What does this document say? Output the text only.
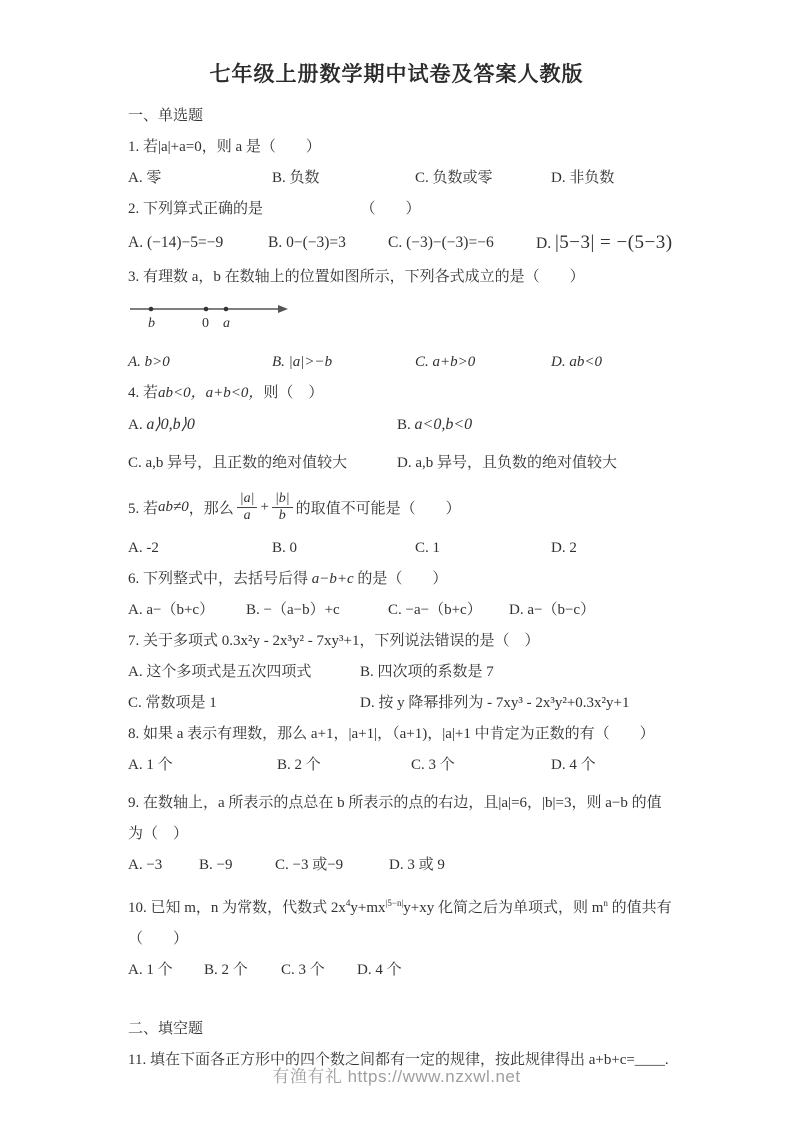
七年级上册数学期中试卷及答案人教版

一、单选题

1. 若|a|+a=0，则 a 是（　　）

A. 零	B. 负数	C. 负数或零	D. 非负数

2. 下列算式正确的是　　　　　　　（　　）

A. (−14)−5=−9	B. 0−(−3)=3	C. (−3)−(−3)=−6	D. |5−3| = −(5−3)

3. 有理数 a，b 在数轴上的位置如图所示，下列各式成立的是（　　）

b	0 a
A. b>0	B. |a|>−b	C. a+b>0	D. ab<0

4. 若ab<0，a+b<0，则（　）

A. a⟩0,b⟩0	B. a<0,b<0
C. a,b 异号，且正数的绝对值较大	D. a,b 异号，且负数的绝对值较大
5. 若 ab≠0 ，那么 $\frac{|a|}{a} + \frac{|b|}{b}$ 的取值不可能是（　　）
A. -2	B. 0	C. 1	D. 2

6. 下列整式中，去括号后得 a−b+c 的是（　　）

A. a−（b+c）	B. −（a−b）+c	C. −a−（b+c）	D. a−（b−c）

7. 关于多项式 0.3x²y - 2x³y² - 7xy³+1，下列说法错误的是（　）

A. 这个多项式是五次四项式	B. 四次项的系数是 7
C. 常数项是 1	D. 按 y 降幂排列为 - 7xy³ - 2x³y²+0.3x²y+1

8. 如果 a 表示有理数，那么 a+1，|a+1|，（a+1)，|a|+1 中肯定为正数的有（　　）

A. 1 个	B. 2 个	C. 3 个	D. 4 个

9. 在数轴上，a 所表示的点总在 b 所表示的点的右边，且|a|=6，|b|=3，则 a−b 的值

为（　）

A. −3	B. −9	C. −3 或−9	D. 3 或 9

10. 已知 m，n 为常数，代数式 $2x^4y+mx^{|5-n|}y+xy$ 化简之后为单项式，则 $m^n$ 的值共有

（　　）

A. 1 个	B. 2 个	C. 3 个	D. 4 个

二、填空题

11. 填在下面各正方形中的四个数之间都有一定的规律，按此规律得出 a+b+c=____.

有渔有礼 https://www.nzxwl.net
